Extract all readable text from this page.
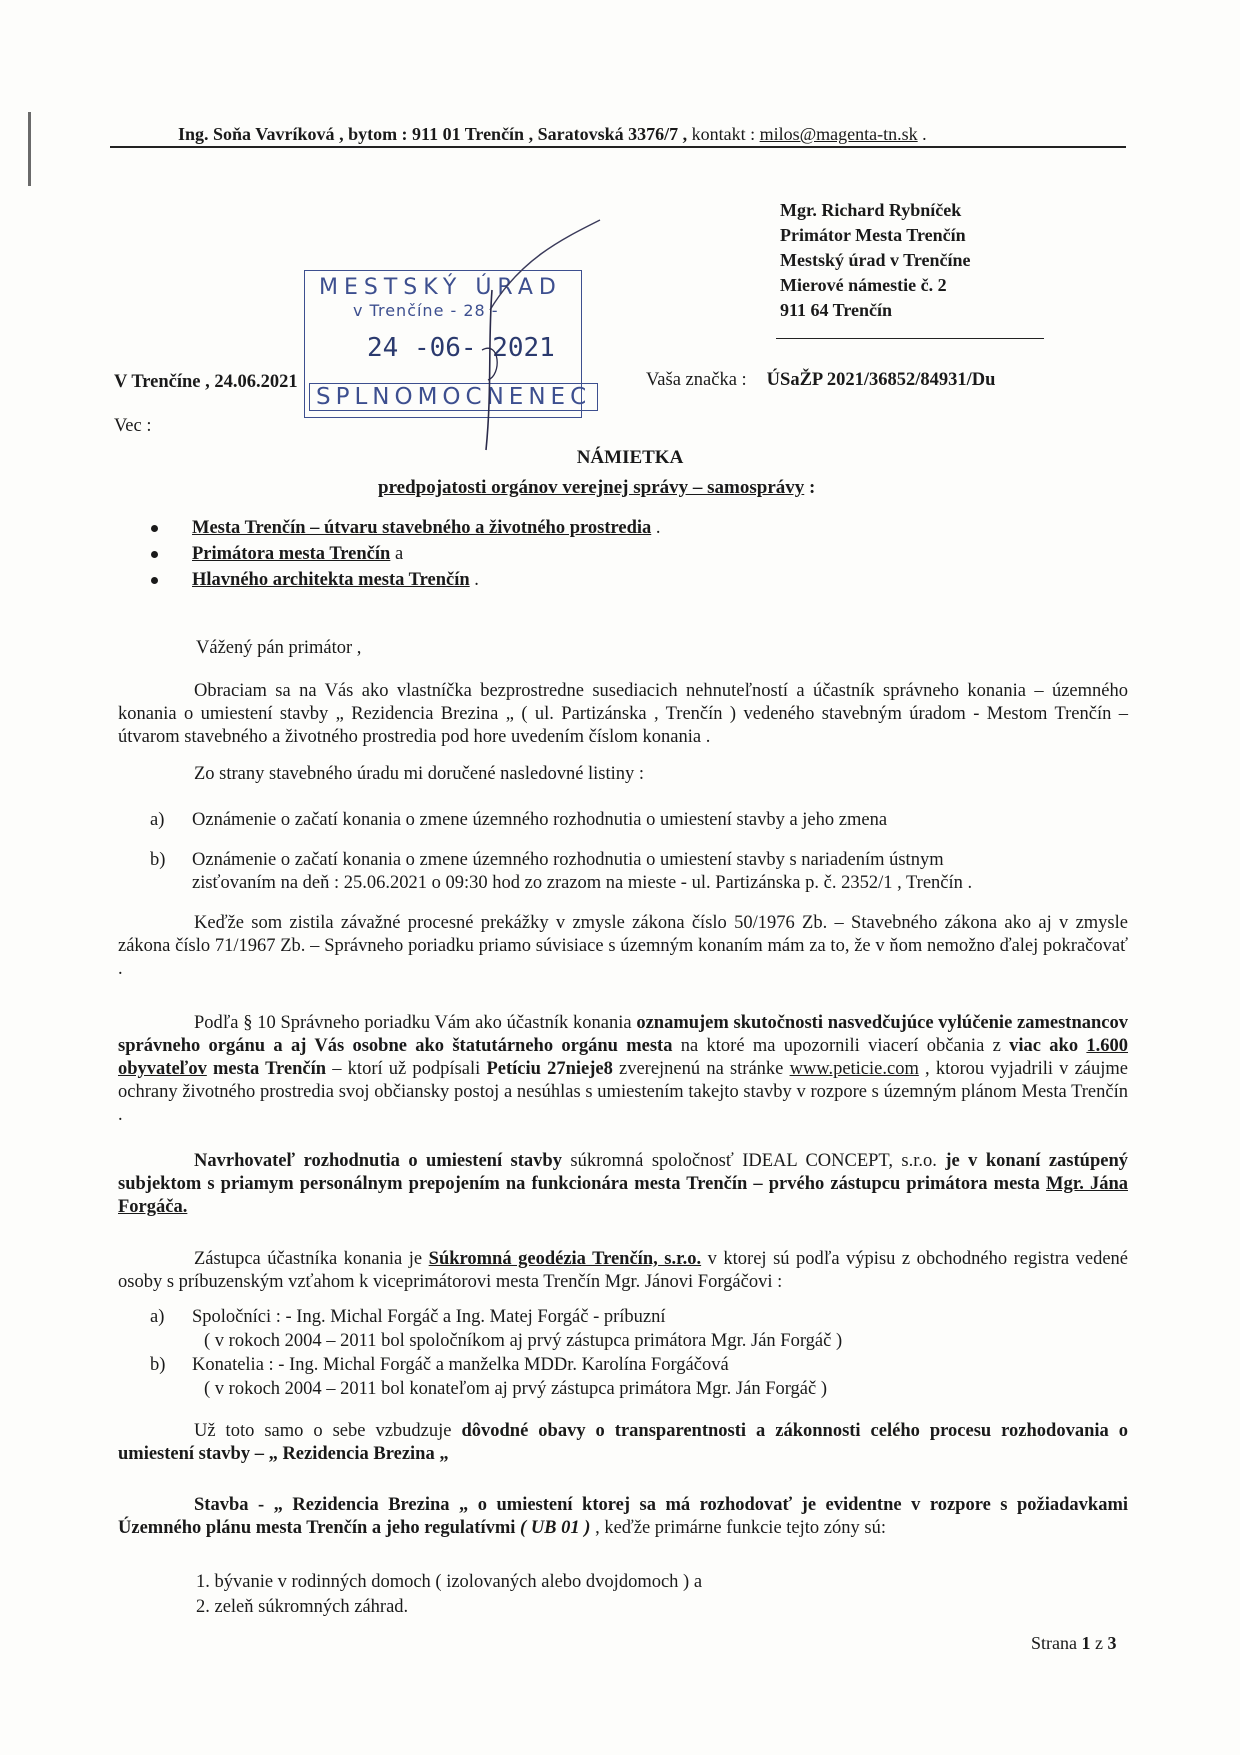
Ing. Soňa Vavríková , bytom : 911 01 Trenčín , Saratovská 3376/7 , kontakt : milos@magenta-tn.sk .
Mgr. Richard Rybníček
Primátor Mesta Trenčín
Mestský úrad v Trenčíne
Mierové námestie č. 2
911 64 Trenčín
MESTSKÝ ÚRAD
v Trenčíne - 28 -
24 -06- 2021
SPLNOMOCNENEC
V Trenčíne , 24.06.2021	Vaša značka : ÚSaŽP 2021/36852/84931/Du
Vec :
NÁMIETKA
predpojatosti orgánov verejnej správy – samosprávy :
Mesta Trenčín – útvaru stavebného a životného prostredia .
Primátora mesta Trenčín a
Hlavného architekta mesta Trenčín .
Vážený pán primátor ,
Obraciam sa na Vás ako vlastníčka bezprostredne susediacich nehnuteľností a účastník správneho konania – územného konania o umiestení stavby „ Rezidencia Brezina „ ( ul. Partizánska , Trenčín ) vedeného stavebným úradom - Mestom Trenčín – útvarom stavebného a životného prostredia pod hore uvedením číslom konania .
Zo strany stavebného úradu mi doručené nasledovné listiny :
a) Oznámenie o začatí konania o zmene územného rozhodnutia o umiestení stavby a jeho zmena
b) Oznámenie o začatí konania o zmene územného rozhodnutia o umiestení stavby s nariadením ústnym
zisťovaním na deň : 25.06.2021 o 09:30 hod zo zrazom na mieste - ul. Partizánska p. č. 2352/1 , Trenčín .
Keďže som zistila závažné procesné prekážky v zmysle zákona číslo 50/1976 Zb. – Stavebného zákona ako aj v zmysle zákona číslo 71/1967 Zb. – Správneho poriadku priamo súvisiace s územným konaním mám za to, že v ňom nemožno ďalej pokračovať .
Podľa § 10 Správneho poriadku Vám ako účastník konania oznamujem skutočnosti nasvedčujúce vylúčenie zamestnancov správneho orgánu a aj Vás osobne ako štatutárneho orgánu mesta na ktoré ma upozornili viacerí občania z viac ako 1.600 obyvateľov mesta Trenčín – ktorí už podpísali Petíciu 27nieje8 zverejnenú na stránke www.peticie.com , ktorou vyjadrili v záujme ochrany životného prostredia svoj občiansky postoj a nesúhlas s umiestením takejto stavby v rozpore s územným plánom Mesta Trenčín .
Navrhovateľ rozhodnutia o umiestení stavby súkromná spoločnosť IDEAL CONCEPT, s.r.o. je v konaní zastúpený subjektom s priamym personálnym prepojením na funkcionára mesta Trenčín – prvého zástupcu primátora mesta Mgr. Jána Forgáča.
Zástupca účastníka konania je Súkromná geodézia Trenčín, s.r.o. v ktorej sú podľa výpisu z obchodného registra vedené osoby s príbuzenským vzťahom k viceprimátorovi mesta Trenčín Mgr. Jánovi Forgáčovi :
a) Spoločníci : - Ing. Michal Forgáč a Ing. Matej Forgáč - príbuzní
( v rokoch 2004 – 2011 bol spoločníkom aj prvý zástupca primátora Mgr. Ján Forgáč )
b) Konatelia : - Ing. Michal Forgáč a manželka MDDr. Karolína Forgáčová
( v rokoch 2004 – 2011 bol konateľom aj prvý zástupca primátora Mgr. Ján Forgáč )
Už toto samo o sebe vzbudzuje dôvodné obavy o transparentnosti a zákonnosti celého procesu rozhodovania o umiestení stavby – „ Rezidencia Brezina „
Stavba - „ Rezidencia Brezina „ o umiestení ktorej sa má rozhodovať je evidentne v rozpore s požiadavkami Územného plánu mesta Trenčín a jeho regulatívmi ( UB 01 ) , keďže primárne funkcie tejto zóny sú:
1. bývanie v rodinných domoch ( izolovaných alebo dvojdomoch ) a
2. zeleň súkromných záhrad.
Strana 1 z 3
